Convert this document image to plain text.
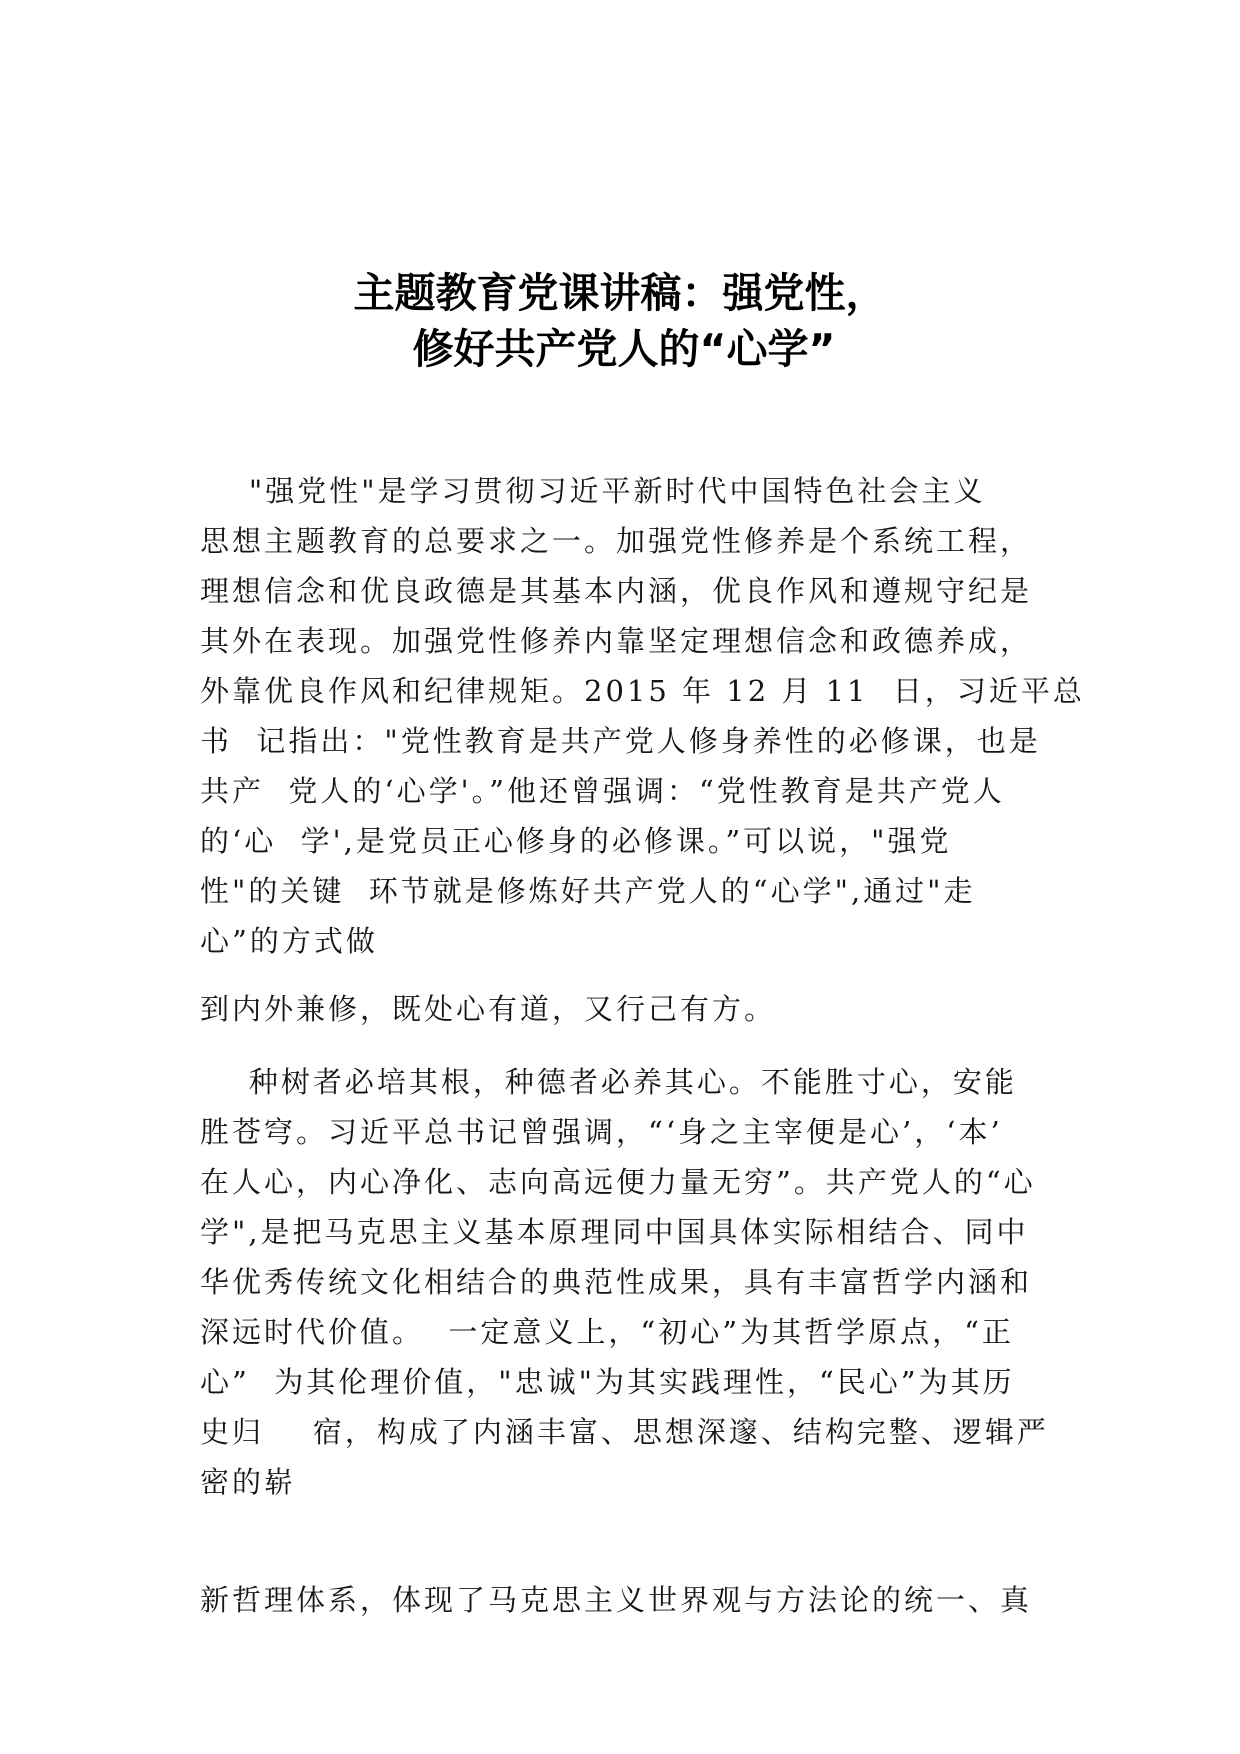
主题教育党课讲稿：强党性，
修好共产党人的“心学”

"强党性"是学习贯彻习近平新时代中国特色社会主义
思想主题教育的总要求之一。加强党性修养是个系统工程，
理想信念和优良政德是其基本内涵，优良作风和遵规守纪是
其外在表现。加强党性修养内靠坚定理想信念和政德养成，
外靠优良作风和纪律规矩。2015 年 12 月 11  日，习近平总
书  记指出："党性教育是共产党人修身养性的必修课，也是
共产  党人的‘心学'。”他还曾强调：“党性教育是共产党人
的‘心  学',是党员正心修身的必修课。”可以说，"强党
性"的关键  环节就是修炼好共产党人的“心学",通过"走
心”的方式做

到内外兼修，既处心有道，又行己有方。

种树者必培其根，种德者必养其心。不能胜寸心，安能
胜苍穹。习近平总书记曾强调，“‘身之主宰便是心’，‘本’
在人心，内心净化、志向高远便力量无穷”。共产党人的“心
学",是把马克思主义基本原理同中国具体实际相结合、同中
华优秀传统文化相结合的典范性成果，具有丰富哲学内涵和
深远时代价值。  一定意义上，“初心”为其哲学原点，“正
心”  为其伦理价值，"忠诚"为其实践理性，“民心”为其历
史归    宿，构成了内涵丰富、思想深邃、结构完整、逻辑严
密的崭

新哲理体系，体现了马克思主义世界观与方法论的统一、真
